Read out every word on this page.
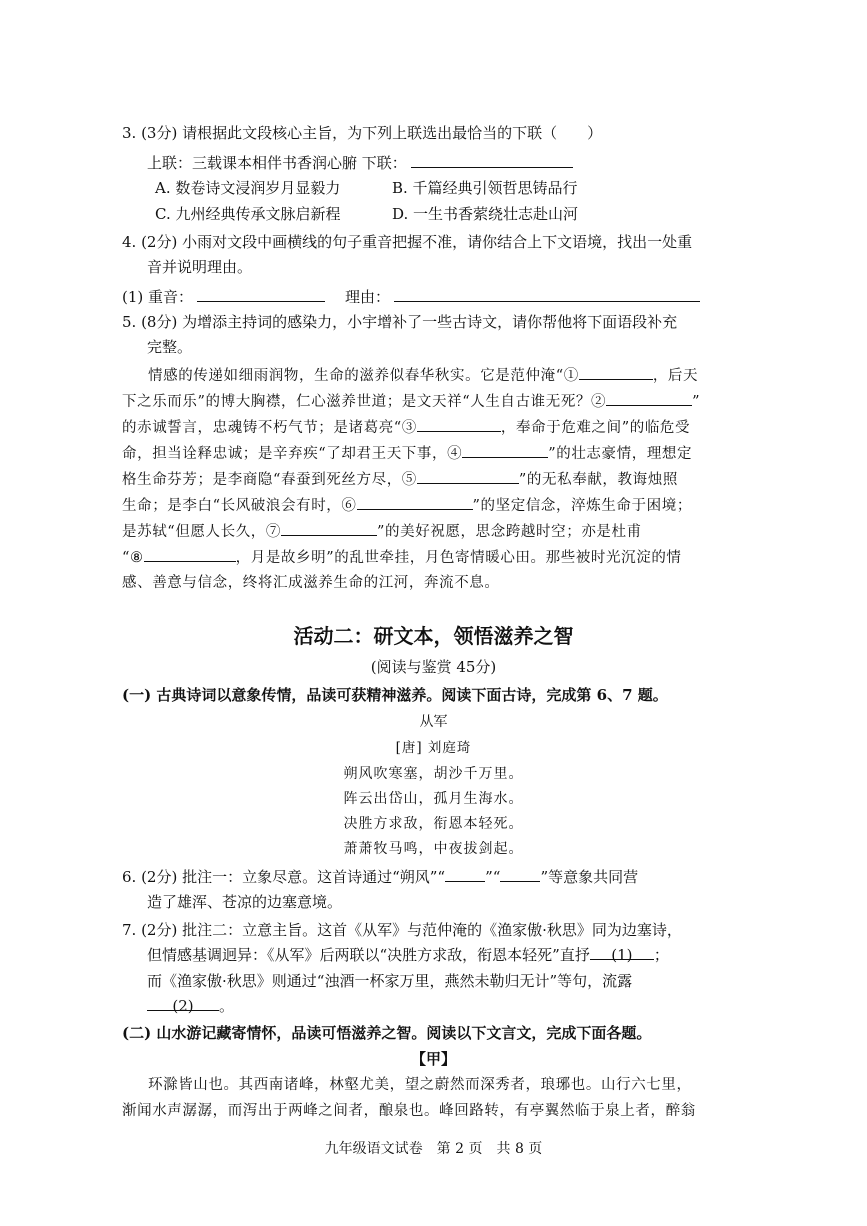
3. (3分) 请根据此文段核心主旨，为下列上联选出最恰当的下联（　　）
上联：三载课本相伴书香润心腑 下联：
A. 数卷诗文浸润岁月显毅力	B. 千篇经典引领哲思铸品行
C. 九州经典传承文脉启新程	D. 一生书香萦绕壮志赴山河
4. (2分) 小雨对文段中画横线的句子重音把握不准，请你结合上下文语境，找出一处重
音并说明理由。
(1) 重音：	理由：
5. (8分) 为增添主持词的感染力，小宇增补了一些古诗文，请你帮他将下面语段补充
完整。
情感的传递如细雨润物，生命的滋养似春华秋实。它是范仲淹“①	，后天
下之乐而乐”的博大胸襟，仁心滋养世道；是文天祥“人生自古谁无死？②	”
的赤诚誓言，忠魂铸不朽气节；是诸葛亮“③	，奉命于危难之间”的临危受
命，担当诠释忠诚；是辛弃疾“了却君王天下事，④	”的壮志豪情，理想定
格生命芬芳；是李商隐“春蚕到死丝方尽，⑤	”的无私奉献，教诲烛照
生命；是李白“长风破浪会有时，⑥	”的坚定信念，淬炼生命于困境；
是苏轼“但愿人长久，⑦	”的美好祝愿，思念跨越时空；亦是杜甫
“⑧	，月是故乡明”的乱世牵挂，月色寄情暖心田。那些被时光沉淀的情
感、善意与信念，终将汇成滋养生命的江河，奔流不息。
活动二：研文本，领悟滋养之智
(阅读与鉴赏 45分)
(一) 古典诗词以意象传情，品读可获精神滋养。阅读下面古诗，完成第 6、7 题。
从军
[唐] 刘庭琦
朔风吹寒塞，胡沙千万里。
阵云出岱山，孤月生海水。
决胜方求敌，衔恩本轻死。
萧萧牧马鸣，中夜拔剑起。
6. (2分) 批注一：立象尽意。这首诗通过“朔风”“	”“	”等意象共同营
造了雄浑、苍凉的边塞意境。
7. (2分) 批注二：立意主旨。这首《从军》与范仲淹的《渔家傲·秋思》同为边塞诗，
但情感基调迥异：《从军》后两联以“决胜方求敌，衔恩本轻死”直抒 (1) ；
而《渔家傲·秋思》则通过“浊酒一杯家万里，燕然未勒归无计”等句，流露
(2) 。
(二) 山水游记藏寄情怀，品读可悟滋养之智。阅读以下文言文，完成下面各题。
【甲】
环滁皆山也。其西南诸峰，林壑尤美，望之蔚然而深秀者，琅琊也。山行六七里，
渐闻水声潺潺，而泻出于两峰之间者，酿泉也。峰回路转，有亭翼然临于泉上者，醉翁
九年级语文试卷　第 2 页　共 8 页
